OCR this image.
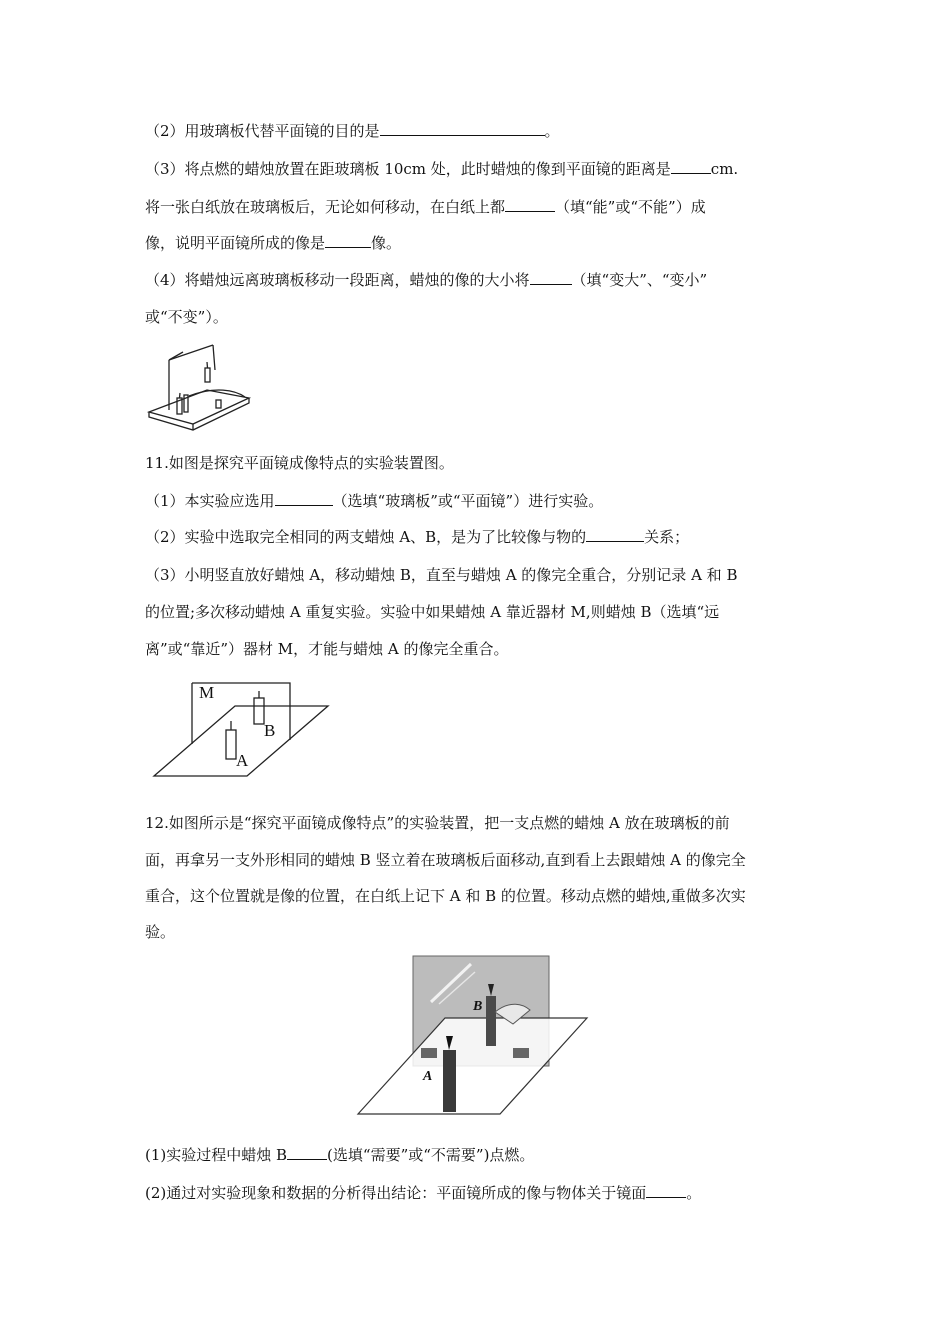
（2）用玻璃板代替平面镜的目的是	。
（3）将点燃的蜡烛放置在距玻璃板 10cm 处，此时蜡烛的像到平面镜的距离是	cm.
将一张白纸放在玻璃板后，无论如何移动，在白纸上都	（填“能”或“不能”）成
像，说明平面镜所成的像是	像。
（4）将蜡烛远离玻璃板移动一段距离，蜡烛的像的大小将	（填“变大”、“变小”
或“不变”）。
11.如图是探究平面镜成像特点的实验装置图。
（1）本实验应选用	（选填“玻璃板”或“平面镜”）进行实验。
（2）实验中选取完全相同的两支蜡烛 A、B，是为了比较像与物的	关系；
（3）小明竖直放好蜡烛 A，移动蜡烛 B，直至与蜡烛 A 的像完全重合，分别记录 A 和 B
的位置;多次移动蜡烛 A 重复实验。实验中如果蜡烛 A 靠近器材 M,则蜡烛 B（选填“远
离”或“靠近”）器材 M，才能与蜡烛 A 的像完全重合。
M
B
A
12.如图所示是“探究平面镜成像特点”的实验装置，把一支点燃的蜡烛 A 放在玻璃板的前
面，再拿另一支外形相同的蜡烛 B 竖立着在玻璃板后面移动,直到看上去跟蜡烛 A 的像完全
重合，这个位置就是像的位置，在白纸上记下 A 和 B 的位置。移动点燃的蜡烛,重做多次实
验。
B
A
(1)实验过程中蜡烛 B	(选填“需要”或“不需要”)点燃。
(2)通过对实验现象和数据的分析得出结论：平面镜所成的像与物体关于镜面	。
